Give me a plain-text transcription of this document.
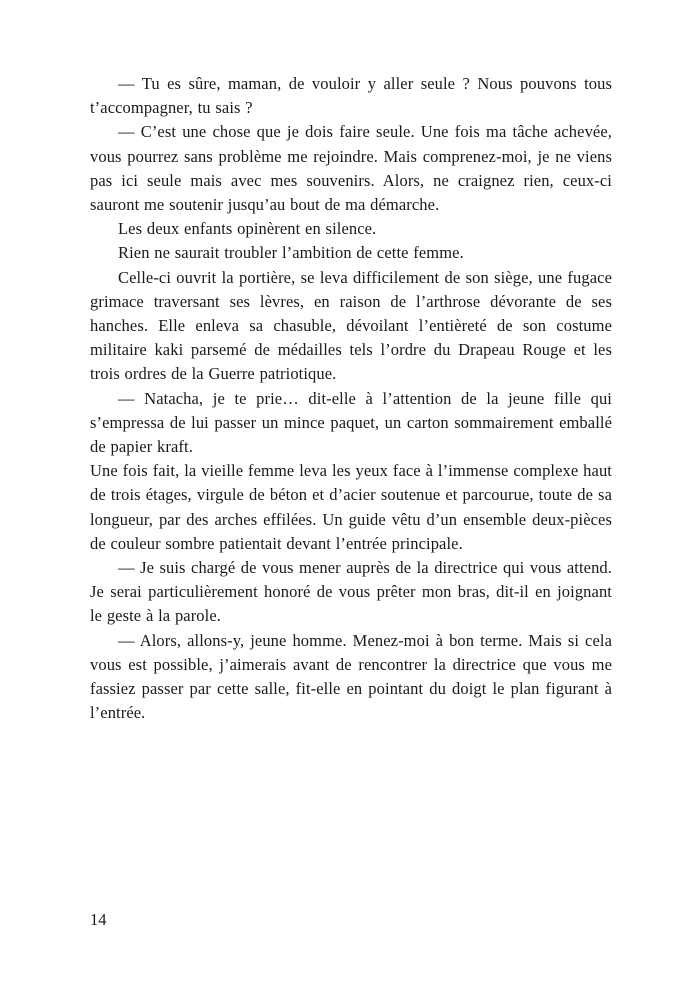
— Tu es sûre, maman, de vouloir y aller seule ? Nous pouvons tous t’accompagner, tu sais ?

— C’est une chose que je dois faire seule. Une fois ma tâche achevée, vous pourrez sans problème me rejoindre. Mais comprenez-moi, je ne viens pas ici seule mais avec mes souvenirs. Alors, ne craignez rien, ceux-ci sauront me soutenir jusqu’au bout de ma démarche.

Les deux enfants opinèrent en silence.

Rien ne saurait troubler l’ambition de cette femme.

Celle-ci ouvrit la portière, se leva difficilement de son siège, une fugace grimace traversant ses lèvres, en raison de l’arthrose dévorante de ses hanches. Elle enleva sa chasuble, dévoilant l’entièreté de son costume militaire kaki parsemé de médailles tels l’ordre du Drapeau Rouge et les trois ordres de la Guerre patriotique.

— Natacha, je te prie… dit-elle à l’attention de la jeune fille qui s’empressa de lui passer un mince paquet, un carton sommairement emballé de papier kraft.

Une fois fait, la vieille femme leva les yeux face à l’immense complexe haut de trois étages, virgule de béton et d’acier soutenue et parcourue, toute de sa longueur, par des arches effilées. Un guide vêtu d’un ensemble deux-pièces de couleur sombre patientait devant l’entrée principale.

— Je suis chargé de vous mener auprès de la directrice qui vous attend. Je serai particulièrement honoré de vous prêter mon bras, dit-il en joignant le geste à la parole.

— Alors, allons-y, jeune homme. Menez-moi à bon terme. Mais si cela vous est possible, j’aimerais avant de rencontrer la directrice que vous me fassiez passer par cette salle, fit-elle en pointant du doigt le plan figurant à l’entrée.

14
